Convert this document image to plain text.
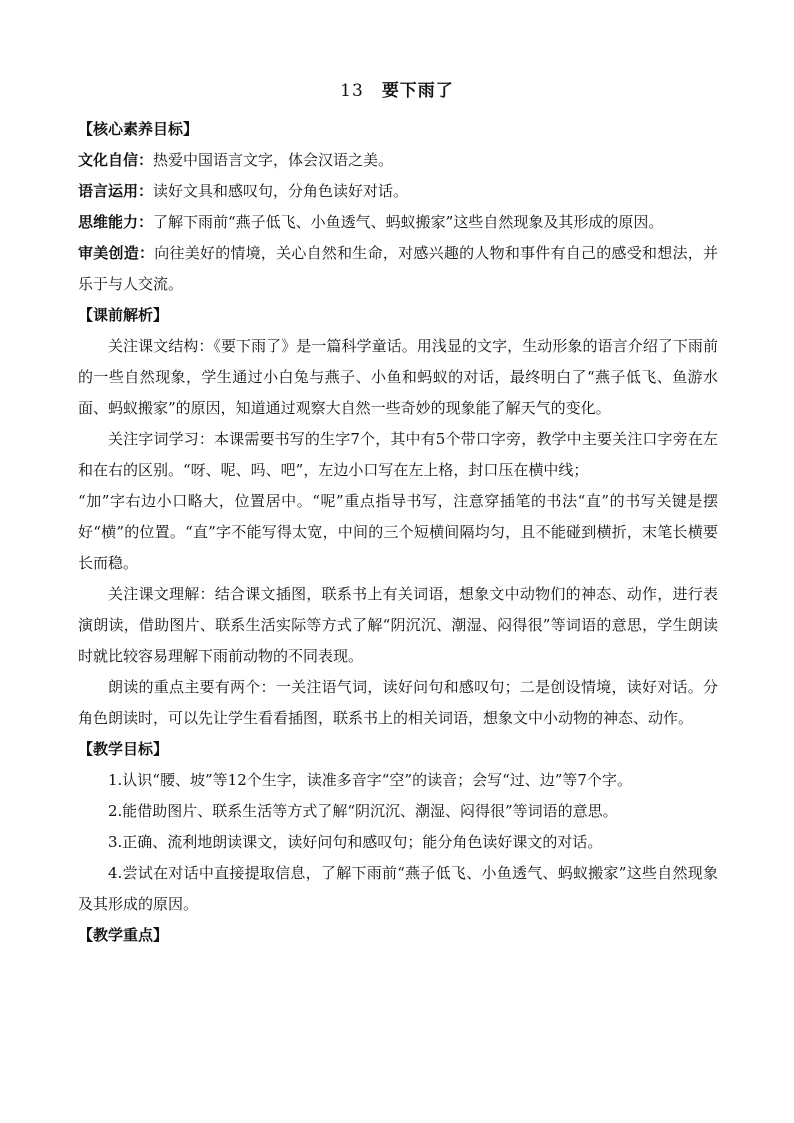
13 要下雨了

【核心素养目标】

文化自信：热爱中国语言文字，体会汉语之美。

语言运用：读好文具和感叹句，分角色读好对话。

思维能力：了解下雨前“燕子低飞、小鱼透气、蚂蚁搬家”这些自然现象及其形成的原因。

审美创造：向往美好的情境，关心自然和生命，对感兴趣的人物和事件有自己的感受和想法，并乐于与人交流。

【课前解析】

关注课文结构：《要下雨了》是一篇科学童话。用浅显的文字，生动形象的语言介绍了下雨前的一些自然现象，学生通过小白兔与燕子、小鱼和蚂蚁的对话，最终明白了“燕子低飞、鱼游水面、蚂蚁搬家”的原因，知道通过观察大自然一些奇妙的现象能了解天气的变化。

关注字词学习：本课需要书写的生字7个，其中有5个带口字旁，教学中主要关注口字旁在左和在右的区别。“呀、呢、吗、吧”，左边小口写在左上格，封口压在横中线；

“加”字右边小口略大，位置居中。“呢”重点指导书写，注意穿插笔的书法“直”的书写关键是摆好“横”的位置。“直”字不能写得太宽，中间的三个短横间隔均匀，且不能碰到横折，末笔长横要长而稳。

关注课文理解：结合课文插图，联系书上有关词语，想象文中动物们的神态、动作，进行表演朗读，借助图片、联系生活实际等方式了解“阴沉沉、潮湿、闷得很”等词语的意思，学生朗读时就比较容易理解下雨前动物的不同表现。

朗读的重点主要有两个：一关注语气词，读好问句和感叹句；二是创设情境，读好对话。分角色朗读时，可以先让学生看看插图，联系书上的相关词语，想象文中小动物的神态、动作。

【教学目标】

1.认识“腰、坡”等12个生字，读准多音字“空”的读音；会写“过、边”等7个字。

2.能借助图片、联系生活等方式了解“阴沉沉、潮湿、闷得很”等词语的意思。

3.正确、流利地朗读课文，读好问句和感叹句；能分角色读好课文的对话。

4.尝试在对话中直接提取信息，了解下雨前“燕子低飞、小鱼透气、蚂蚁搬家”这些自然现象及其形成的原因。

【教学重点】
